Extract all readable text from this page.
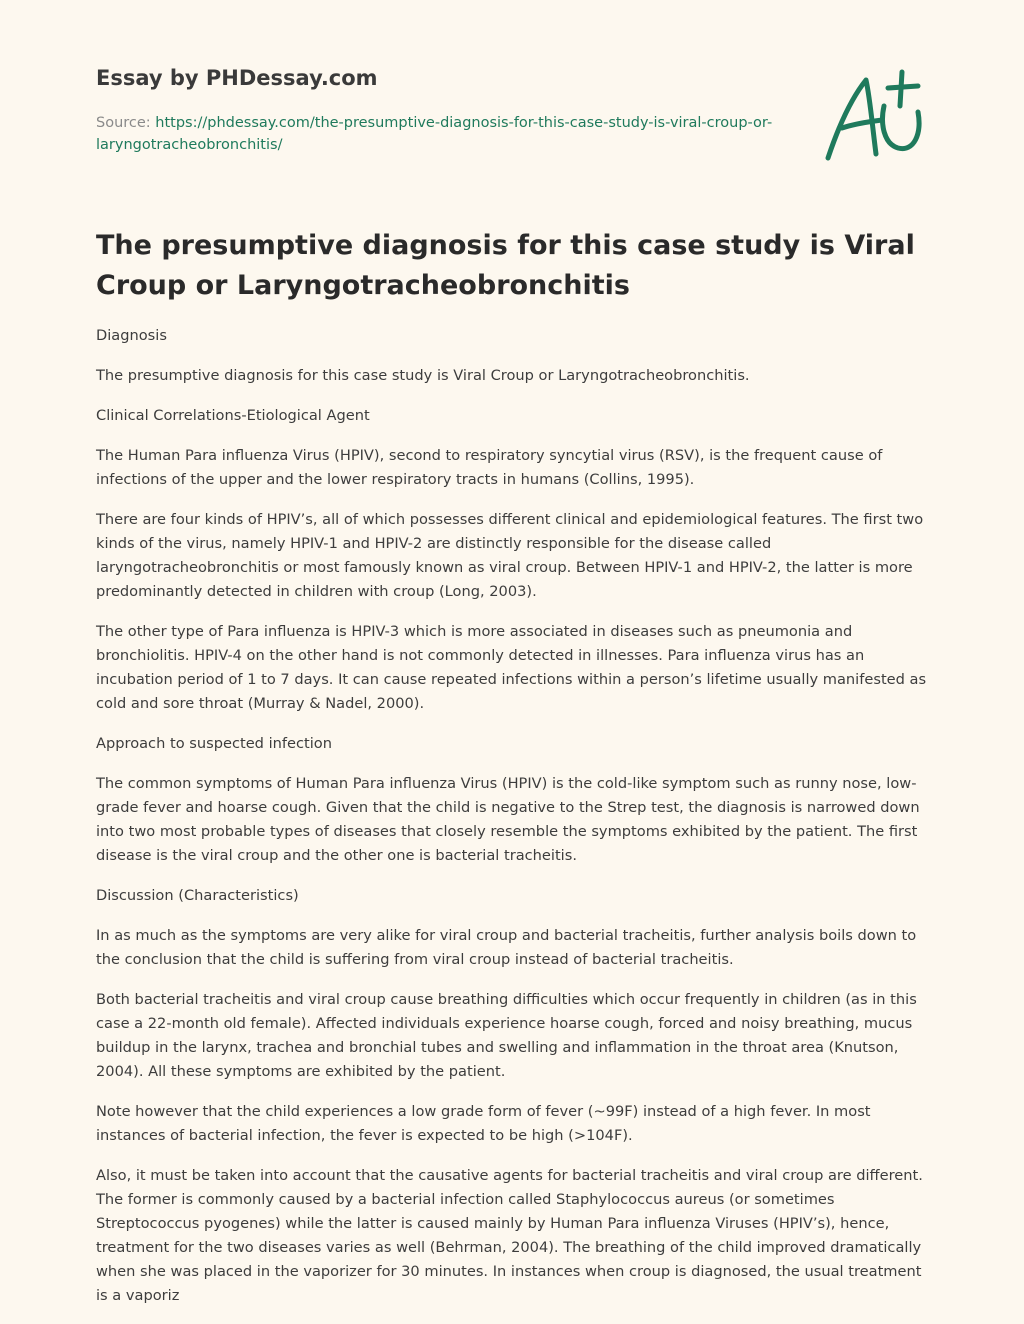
Essay by PHDessay.com
Source: https://phdessay.com/the-presumptive-diagnosis-for-this-case-study-is-viral-croup-or-laryngotracheobronchitis/
The presumptive diagnosis for this case study is Viral Croup or Laryngotracheobronchitis

Diagnosis

The presumptive diagnosis for this case study is Viral Croup or Laryngotracheobronchitis.

Clinical Correlations-Etiological Agent

The Human Para influenza Virus (HPIV), second to respiratory syncytial virus (RSV), is the frequent cause of infections of the upper and the lower respiratory tracts in humans (Collins, 1995).

There are four kinds of HPIV’s, all of which possesses different clinical and epidemiological features. The first two kinds of the virus, namely HPIV-1 and HPIV-2 are distinctly responsible for the disease called laryngotracheobronchitis or most famously known as viral croup. Between HPIV-1 and HPIV-2, the latter is more predominantly detected in children with croup (Long, 2003).

The other type of Para influenza is HPIV-3 which is more associated in diseases such as pneumonia and bronchiolitis. HPIV-4 on the other hand is not commonly detected in illnesses. Para influenza virus has an incubation period of 1 to 7 days. It can cause repeated infections within a person’s lifetime usually manifested as cold and sore throat (Murray & Nadel, 2000).

Approach to suspected infection

The common symptoms of Human Para influenza Virus (HPIV) is the cold-like symptom such as runny nose, low-grade fever and hoarse cough. Given that the child is negative to the Strep test, the diagnosis is narrowed down into two most probable types of diseases that closely resemble the symptoms exhibited by the patient. The first disease is the viral croup and the other one is bacterial tracheitis.

Discussion (Characteristics)

In as much as the symptoms are very alike for viral croup and bacterial tracheitis, further analysis boils down to the conclusion that the child is suffering from viral croup instead of bacterial tracheitis.

Both bacterial tracheitis and viral croup cause breathing difficulties which occur frequently in children (as in this case a 22-month old female). Affected individuals experience hoarse cough, forced and noisy breathing, mucus buildup in the larynx, trachea and bronchial tubes and swelling and inflammation in the throat area (Knutson, 2004). All these symptoms are exhibited by the patient.

Note however that the child experiences a low grade form of fever (~99F) instead of a high fever. In most instances of bacterial infection, the fever is expected to be high (>104F).

Also, it must be taken into account that the causative agents for bacterial tracheitis and viral croup are different. The former is commonly caused by a bacterial infection called Staphylococcus aureus (or sometimes Streptococcus pyogenes) while the latter is caused mainly by Human Para influenza Viruses (HPIV’s), hence, treatment for the two diseases varies as well (Behrman, 2004). The breathing of the child improved dramatically when she was placed in the vaporizer for 30 minutes. In instances when croup is diagnosed, the usual treatment is a vaporiz
